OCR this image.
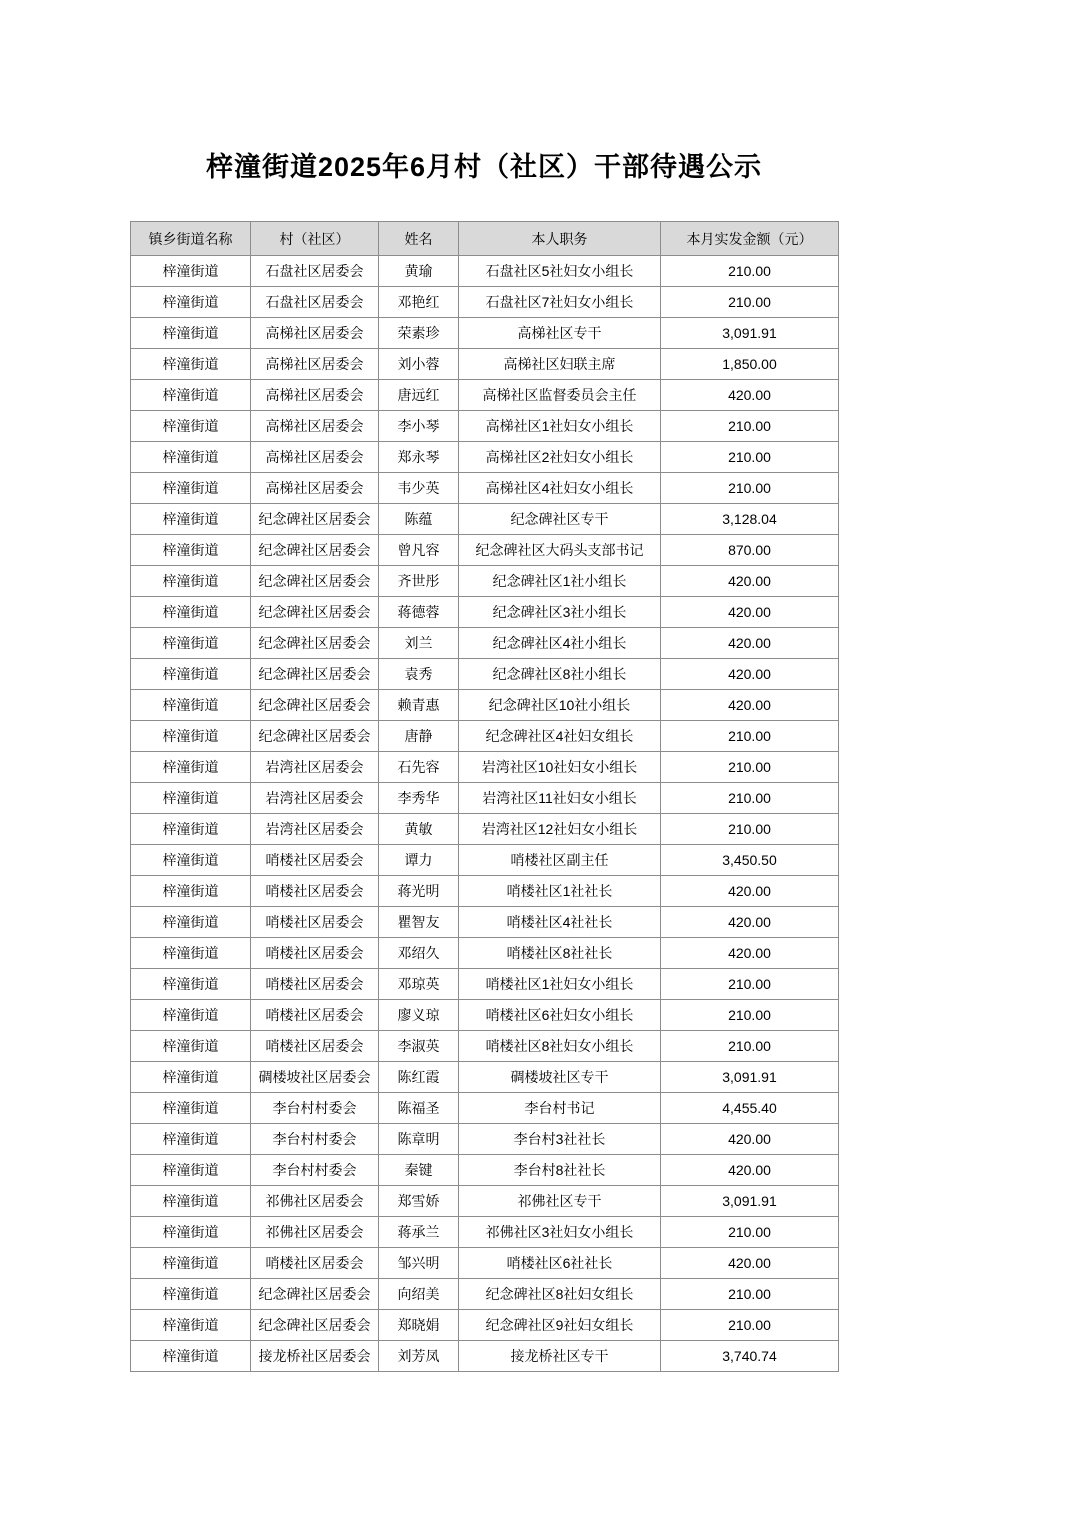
梓潼街道2025年6月村（社区）干部待遇公示
镇乡街道名称	村（社区）	姓名	本人职务	本月实发金额（元）
梓潼街道	石盘社区居委会	黄瑜	石盘社区5社妇女小组长	210.00
梓潼街道	石盘社区居委会	邓艳红	石盘社区7社妇女小组长	210.00
梓潼街道	高梯社区居委会	荣素珍	高梯社区专干	3,091.91
梓潼街道	高梯社区居委会	刘小蓉	高梯社区妇联主席	1,850.00
梓潼街道	高梯社区居委会	唐远红	高梯社区监督委员会主任	420.00
梓潼街道	高梯社区居委会	李小琴	高梯社区1社妇女小组长	210.00
梓潼街道	高梯社区居委会	郑永琴	高梯社区2社妇女小组长	210.00
梓潼街道	高梯社区居委会	韦少英	高梯社区4社妇女小组长	210.00
梓潼街道	纪念碑社区居委会	陈蕴	纪念碑社区专干	3,128.04
梓潼街道	纪念碑社区居委会	曾凡容	纪念碑社区大码头支部书记	870.00
梓潼街道	纪念碑社区居委会	齐世彤	纪念碑社区1社小组长	420.00
梓潼街道	纪念碑社区居委会	蒋德蓉	纪念碑社区3社小组长	420.00
梓潼街道	纪念碑社区居委会	刘兰	纪念碑社区4社小组长	420.00
梓潼街道	纪念碑社区居委会	袁秀	纪念碑社区8社小组长	420.00
梓潼街道	纪念碑社区居委会	赖青惠	纪念碑社区10社小组长	420.00
梓潼街道	纪念碑社区居委会	唐静	纪念碑社区4社妇女组长	210.00
梓潼街道	岩湾社区居委会	石先容	岩湾社区10社妇女小组长	210.00
梓潼街道	岩湾社区居委会	李秀华	岩湾社区11社妇女小组长	210.00
梓潼街道	岩湾社区居委会	黄敏	岩湾社区12社妇女小组长	210.00
梓潼街道	哨楼社区居委会	谭力	哨楼社区副主任	3,450.50
梓潼街道	哨楼社区居委会	蒋光明	哨楼社区1社社长	420.00
梓潼街道	哨楼社区居委会	瞿智友	哨楼社区4社社长	420.00
梓潼街道	哨楼社区居委会	邓绍久	哨楼社区8社社长	420.00
梓潼街道	哨楼社区居委会	邓琼英	哨楼社区1社妇女小组长	210.00
梓潼街道	哨楼社区居委会	廖义琼	哨楼社区6社妇女小组长	210.00
梓潼街道	哨楼社区居委会	李淑英	哨楼社区8社妇女小组长	210.00
梓潼街道	碉楼坡社区居委会	陈红霞	碉楼坡社区专干	3,091.91
梓潼街道	李台村村委会	陈福圣	李台村书记	4,455.40
梓潼街道	李台村村委会	陈章明	李台村3社社长	420.00
梓潼街道	李台村村委会	秦键	李台村8社社长	420.00
梓潼街道	祁佛社区居委会	郑雪娇	祁佛社区专干	3,091.91
梓潼街道	祁佛社区居委会	蒋承兰	祁佛社区3社妇女小组长	210.00
梓潼街道	哨楼社区居委会	邹兴明	哨楼社区6社社长	420.00
梓潼街道	纪念碑社区居委会	向绍美	纪念碑社区8社妇女组长	210.00
梓潼街道	纪念碑社区居委会	郑晓娟	纪念碑社区9社妇女组长	210.00
梓潼街道	接龙桥社区居委会	刘芳凤	接龙桥社区专干	3,740.74
